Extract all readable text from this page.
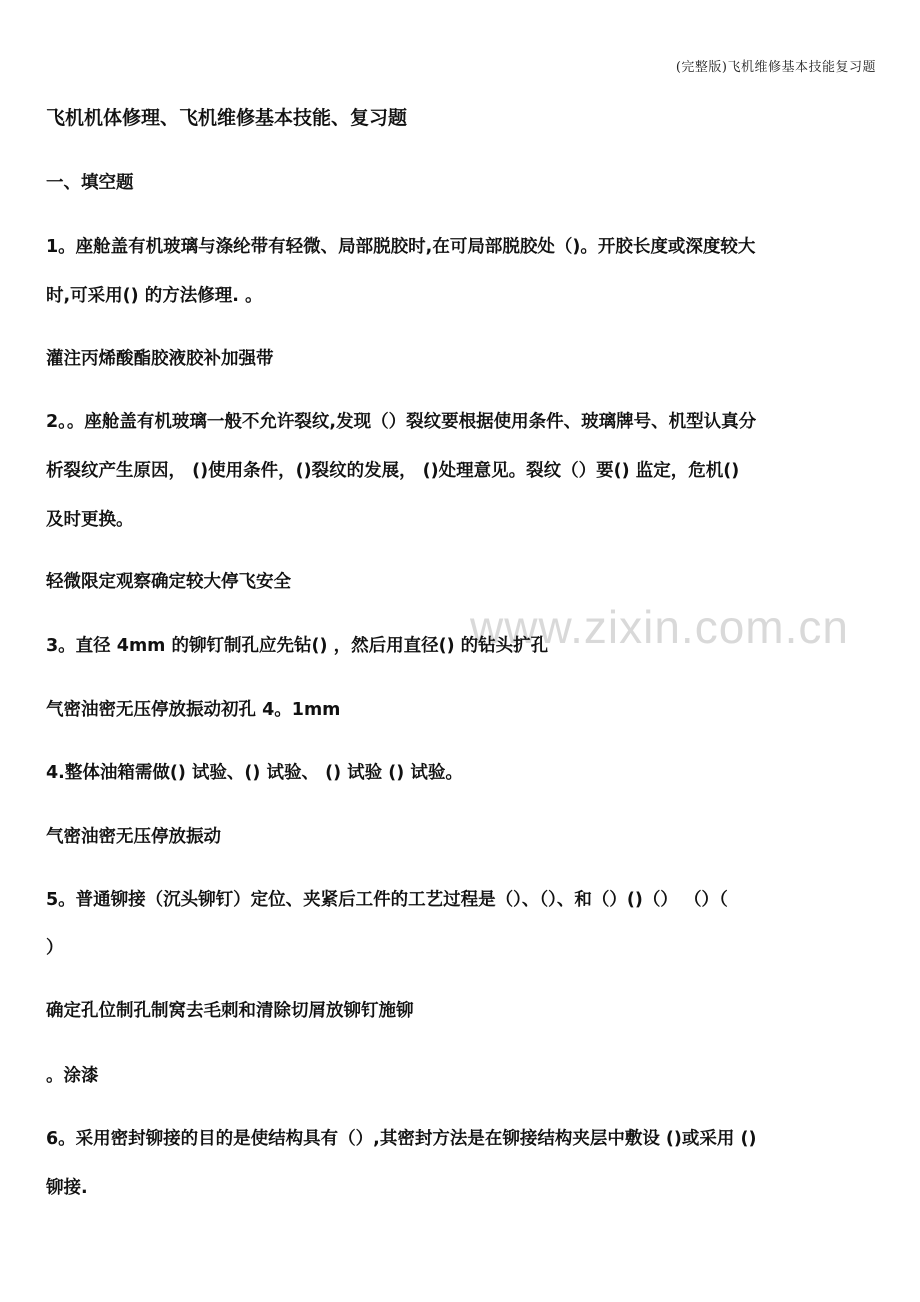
(完整版)飞机维修基本技能复习题
www.zixin.com.cn
飞机机体修理、飞机维修基本技能、复习题
一、填空题
1。座舱盖有机玻璃与涤纶带有轻微、局部脱胶时,在可局部脱胶处（)。开胶长度或深度较大
时,可采用() 的方法修理. 。
灌注丙烯酸酯胶液胶补加强带
2。。座舱盖有机玻璃一般不允许裂纹,发现（）裂纹要根据使用条件、玻璃牌号、机型认真分
析裂纹产生原因， ()使用条件，()裂纹的发展， ()处理意见。裂纹（）要() 监定，危机()
及时更换。
轻微限定观察确定较大停飞安全
3。直径 4mm 的铆钉制孔应先钻() ，然后用直径() 的钻头扩孔
气密油密无压停放振动初孔 4。1mm
4.整体油箱需做() 试验、() 试验、 () 试验 () 试验。
气密油密无压停放振动
5。普通铆接（沉头铆钉）定位、夹紧后工件的工艺过程是（）、（）、和（）()（） （）（
）
确定孔位制孔制窝去毛刺和清除切屑放铆钉施铆
。涂漆
6。采用密封铆接的目的是使结构具有（）,其密封方法是在铆接结构夹层中敷设 ()或采用 ()
铆接.
